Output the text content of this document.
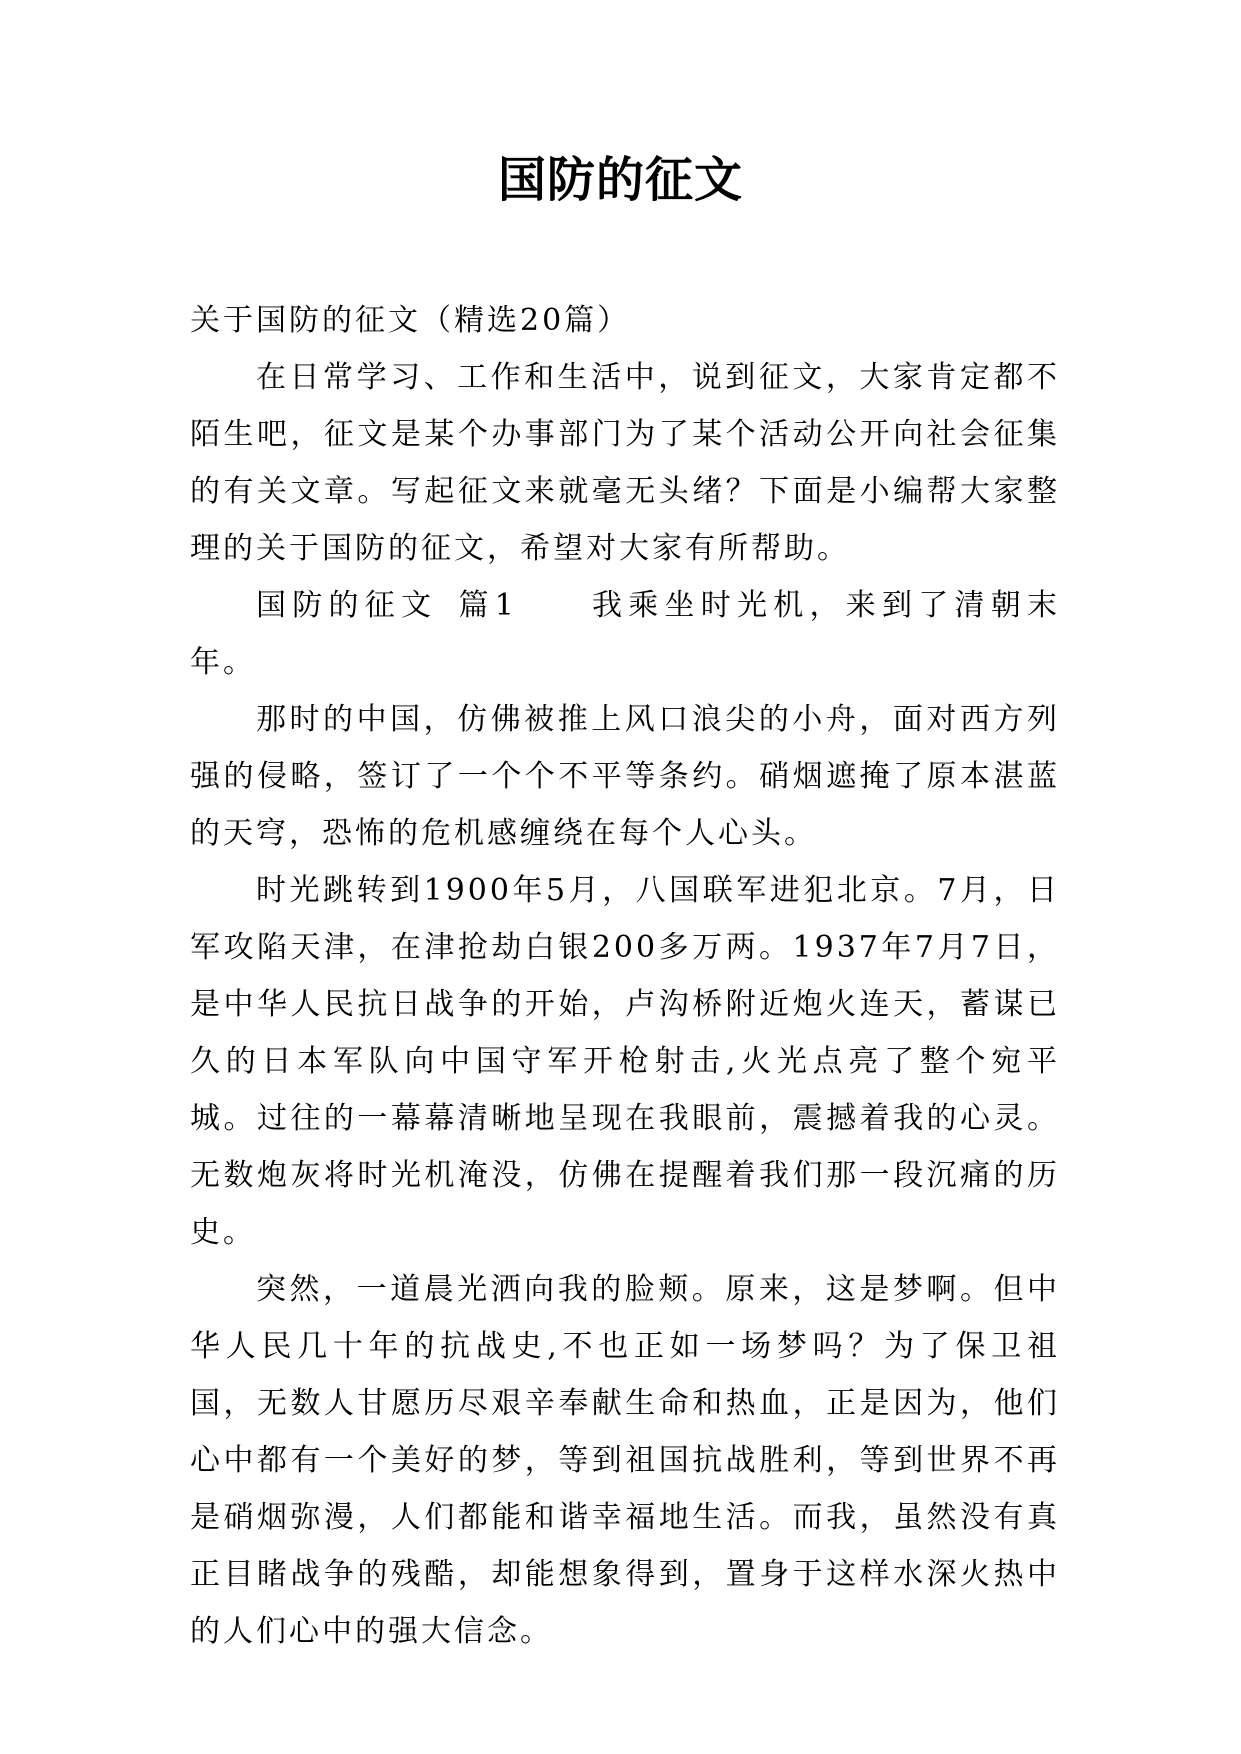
国防的征文

关于国防的征文（精选20篇）

在日常学习、工作和生活中，说到征文，大家肯定都不陌生吧，征文是某个办事部门为了某个活动公开向社会征集的有关文章。写起征文来就毫无头绪？下面是小编帮大家整理的关于国防的征文，希望对大家有所帮助。

国防的征文 篇1 我乘坐时光机，来到了清朝末年。

那时的中国，仿佛被推上风口浪尖的小舟，面对西方列强的侵略，签订了一个个不平等条约。硝烟遮掩了原本湛蓝的天穹，恐怖的危机感缠绕在每个人心头。

时光跳转到1900年5月，八国联军进犯北京。7月，日军攻陷天津，在津抢劫白银200多万两。1937年7月7日，是中华人民抗日战争的开始，卢沟桥附近炮火连天，蓄谋已久的日本军队向中国守军开枪射击,火光点亮了整个宛平城。过往的一幕幕清晰地呈现在我眼前，震撼着我的心灵。无数炮灰将时光机淹没，仿佛在提醒着我们那一段沉痛的历史。

突然，一道晨光洒向我的脸颊。原来，这是梦啊。但中华人民几十年的抗战史,不也正如一场梦吗？为了保卫祖国，无数人甘愿历尽艰辛奉献生命和热血，正是因为，他们心中都有一个美好的梦，等到祖国抗战胜利，等到世界不再是硝烟弥漫，人们都能和谐幸福地生活。而我，虽然没有真正目睹战争的残酷，却能想象得到，置身于这样水深火热中的人们心中的强大信念。
